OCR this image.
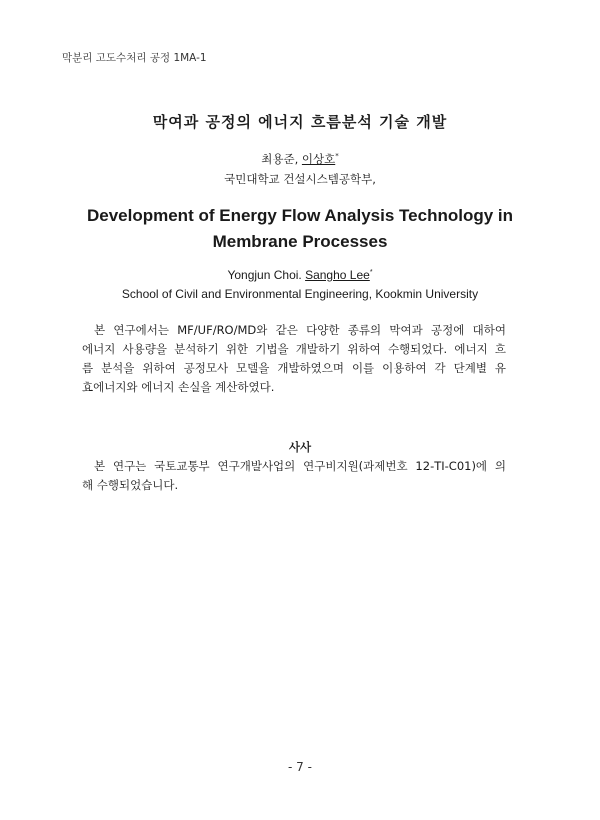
막분리 고도수처리 공정 1MA-1
막여과 공정의 에너지 흐름분석 기술 개발
최용준, 이상호*
국민대학교 건설시스템공학부,
Development of Energy Flow Analysis Technology in
Membrane Processes
Yongjun Choi. Sangho Lee*
School of Civil and Environmental Engineering, Kookmin University
본 연구에서는 MF/UF/RO/MD와 같은 다양한 종류의 막여과 공정에 대하여
에너지 사용량을 분석하기 위한 기법을 개발하기 위하여 수행되었다. 에너지 흐
름 분석을 위하여 공정모사 모델을 개발하였으며 이를 이용하여 각 단계별 유
효에너지와 에너지 손실을 계산하였다.
사사
본 연구는 국토교통부 연구개발사업의 연구비지원(과제번호 12-TI-C01)에 의
해 수행되었습니다.
- 7 -
